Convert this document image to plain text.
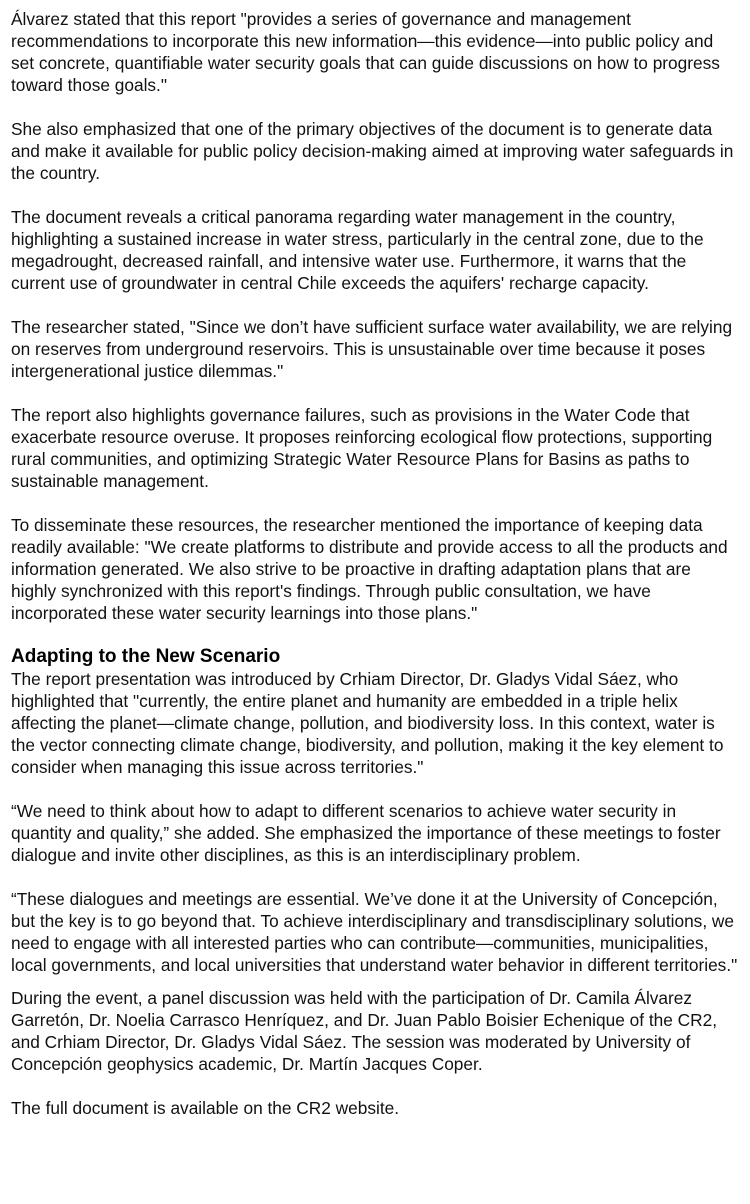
Álvarez stated that this report "provides a series of governance and management recommendations to incorporate this new information—this evidence—into public policy and set concrete, quantifiable water security goals that can guide discussions on how to progress toward those goals."

She also emphasized that one of the primary objectives of the document is to generate data and make it available for public policy decision-making aimed at improving water safeguards in the country.

The document reveals a critical panorama regarding water management in the country, highlighting a sustained increase in water stress, particularly in the central zone, due to the megadrought, decreased rainfall, and intensive water use. Furthermore, it warns that the current use of groundwater in central Chile exceeds the aquifers' recharge capacity.

The researcher stated, "Since we don’t have sufficient surface water availability, we are relying on reserves from underground reservoirs. This is unsustainable over time because it poses intergenerational justice dilemmas."

The report also highlights governance failures, such as provisions in the Water Code that exacerbate resource overuse. It proposes reinforcing ecological flow protections, supporting rural communities, and optimizing Strategic Water Resource Plans for Basins as paths to sustainable management.

To disseminate these resources, the researcher mentioned the importance of keeping data readily available: "We create platforms to distribute and provide access to all the products and information generated. We also strive to be proactive in drafting adaptation plans that are highly synchronized with this report's findings. Through public consultation, we have incorporated these water security learnings into those plans."

Adapting to the New Scenario

The report presentation was introduced by Crhiam Director, Dr. Gladys Vidal Sáez, who highlighted that "currently, the entire planet and humanity are embedded in a triple helix affecting the planet—climate change, pollution, and biodiversity loss. In this context, water is the vector connecting climate change, biodiversity, and pollution, making it the key element to consider when managing this issue across territories."

“We need to think about how to adapt to different scenarios to achieve water security in quantity and quality,” she added. She emphasized the importance of these meetings to foster dialogue and invite other disciplines, as this is an interdisciplinary problem.

“These dialogues and meetings are essential. We’ve done it at the University of Concepción, but the key is to go beyond that. To achieve interdisciplinary and transdisciplinary solutions, we need to engage with all interested parties who can contribute—communities, municipalities, local governments, and local universities that understand water behavior in different territories."

During the event, a panel discussion was held with the participation of Dr. Camila Álvarez Garretón, Dr. Noelia Carrasco Henríquez, and Dr. Juan Pablo Boisier Echenique of the CR2, and Crhiam Director, Dr. Gladys Vidal Sáez. The session was moderated by University of Concepción geophysics academic, Dr. Martín Jacques Coper.

The full document is available on the CR2 website.
